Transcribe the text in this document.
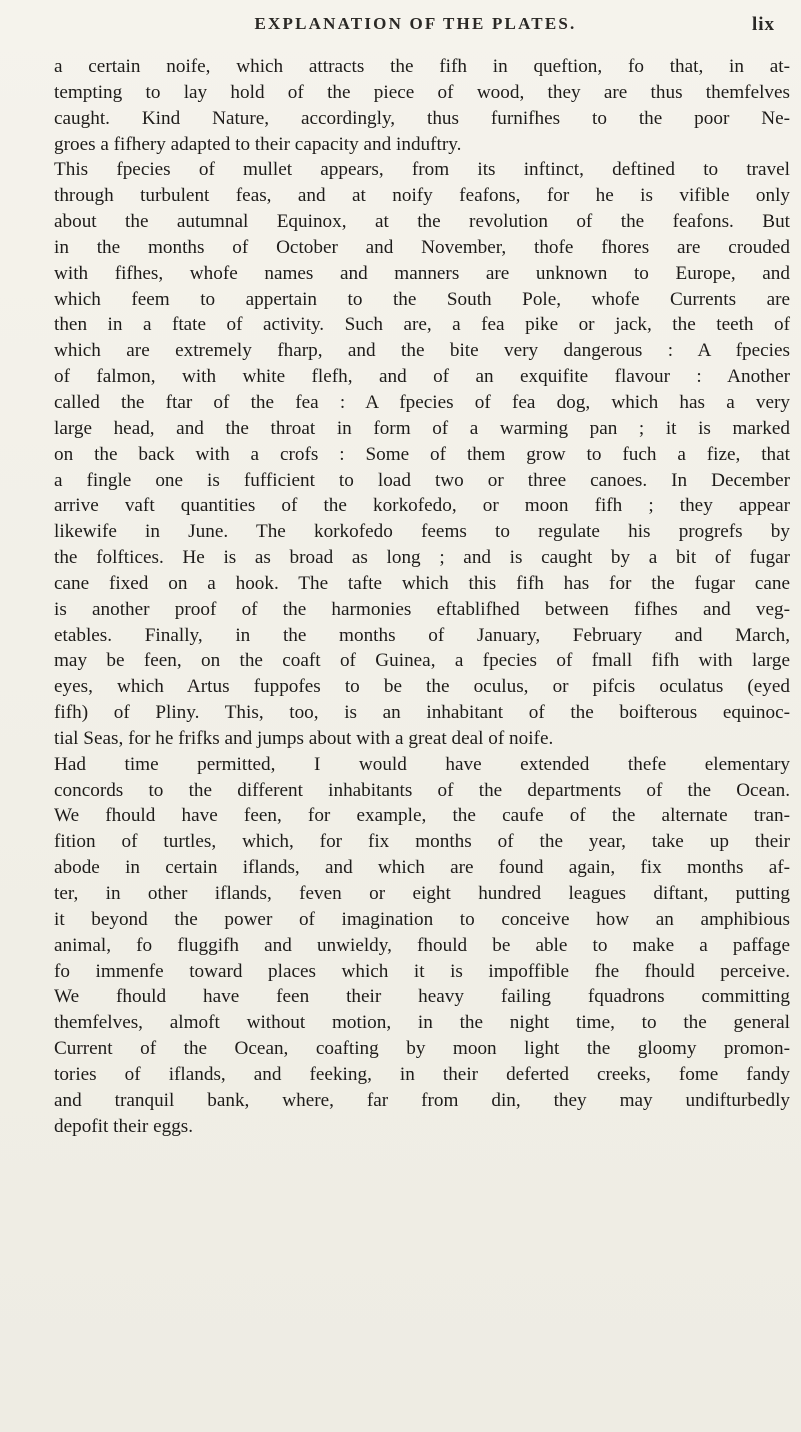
EXPLANATION OF THE PLATES.	lix
a certain noife, which attracts the fifh in queftion, fo that, in at-
tempting to lay hold of the piece of wood, they are thus themfelves
caught. Kind Nature, accordingly, thus furnifhes to the poor Ne-
groes a fifhery adapted to their capacity and induftry.
This fpecies of mullet appears, from its inftinct, deftined to travel
through turbulent feas, and at noify feafons, for he is vifible only
about the autumnal Equinox, at the revolution of the feafons. But
in the months of October and November, thofe fhores are crouded
with fifhes, whofe names and manners are unknown to Europe, and
which feem to appertain to the South Pole, whofe Currents are
then in a ftate of activity. Such are, a fea pike or jack, the teeth of
which are extremely fharp, and the bite very dangerous : A fpecies
of falmon, with white flefh, and of an exquifite flavour : Another
called the ftar of the fea : A fpecies of fea dog, which has a very
large head, and the throat in form of a warming pan ; it is marked
on the back with a crofs : Some of them grow to fuch a fize, that
a fingle one is fufficient to load two or three canoes. In December
arrive vaft quantities of the korkofedo, or moon fifh ; they appear
likewife in June. The korkofedo feems to regulate his progrefs by
the folftices. He is as broad as long ; and is caught by a bit of fugar
cane fixed on a hook. The tafte which this fifh has for the fugar cane
is another proof of the harmonies eftablifhed between fifhes and veg-
etables. Finally, in the months of January, February and March,
may be feen, on the coaft of Guinea, a fpecies of fmall fifh with large
eyes, which Artus fuppofes to be the oculus, or pifcis oculatus (eyed
fifh) of Pliny. This, too, is an inhabitant of the boifterous equinoc-
tial Seas, for he frifks and jumps about with a great deal of noife.
Had time permitted, I would have extended thefe elementary
concords to the different inhabitants of the departments of the Ocean.
We fhould have feen, for example, the caufe of the alternate tran-
fition of turtles, which, for fix months of the year, take up their
abode in certain iflands, and which are found again, fix months af-
ter, in other iflands, feven or eight hundred leagues diftant, putting
it beyond the power of imagination to conceive how an amphibious
animal, fo fluggifh and unwieldy, fhould be able to make a paffage
fo immenfe toward places which it is impoffible fhe fhould perceive.
We fhould have feen their heavy failing fquadrons committing
themfelves, almoft without motion, in the night time, to the general
Current of the Ocean, coafting by moon light the gloomy promon-
tories of iflands, and feeking, in their deferted creeks, fome fandy
and tranquil bank, where, far from din, they may undifturbedly
depofit their eggs.
